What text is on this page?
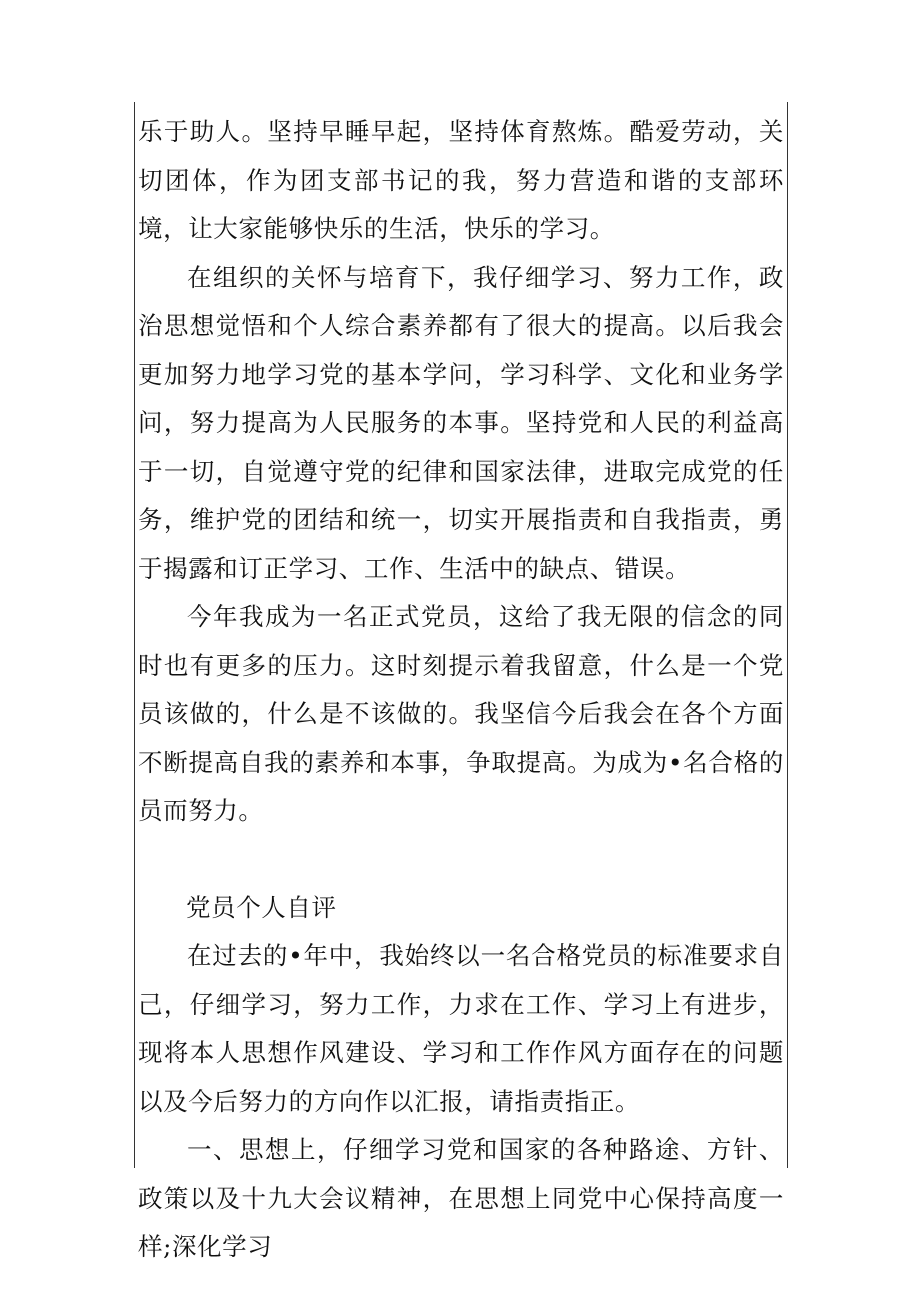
乐于助人。坚持早睡早起，坚持体育熬炼。酷爱劳动，关切团体，作为团支部书记的我，努力营造和谐的支部环境，让大家能够快乐的生活，快乐的学习。

在组织的关怀与培育下，我仔细学习、努力工作，政治思想觉悟和个人综合素养都有了很大的提高。以后我会更加努力地学习党的基本学问，学习科学、文化和业务学问，努力提高为人民服务的本事。坚持党和人民的利益高于一切，自觉遵守党的纪律和国家法律，进取完成党的任务，维护党的团结和统一，切实开展指责和自我指责，勇于揭露和订正学习、工作、生活中的缺点、错误。

今年我成为一名正式党员，这给了我无限的信念的同时也有更多的压力。这时刻提示着我留意，什么是一个党员该做的，什么是不该做的。我坚信今后我会在各个方面不断提高自我的素养和本事，争取提高。为成为•名合格的员而努力。

党员个人自评

在过去的•年中，我始终以一名合格党员的标准要求自己，仔细学习，努力工作，力求在工作、学习上有进步，现将本人思想作风建设、学习和工作作风方面存在的问题以及今后努力的方向作以汇报，请指责指正。

一、思想上，仔细学习党和国家的各种路途、方针、政策以及十九大会议精神，在思想上同党中心保持高度一样;深化学习
